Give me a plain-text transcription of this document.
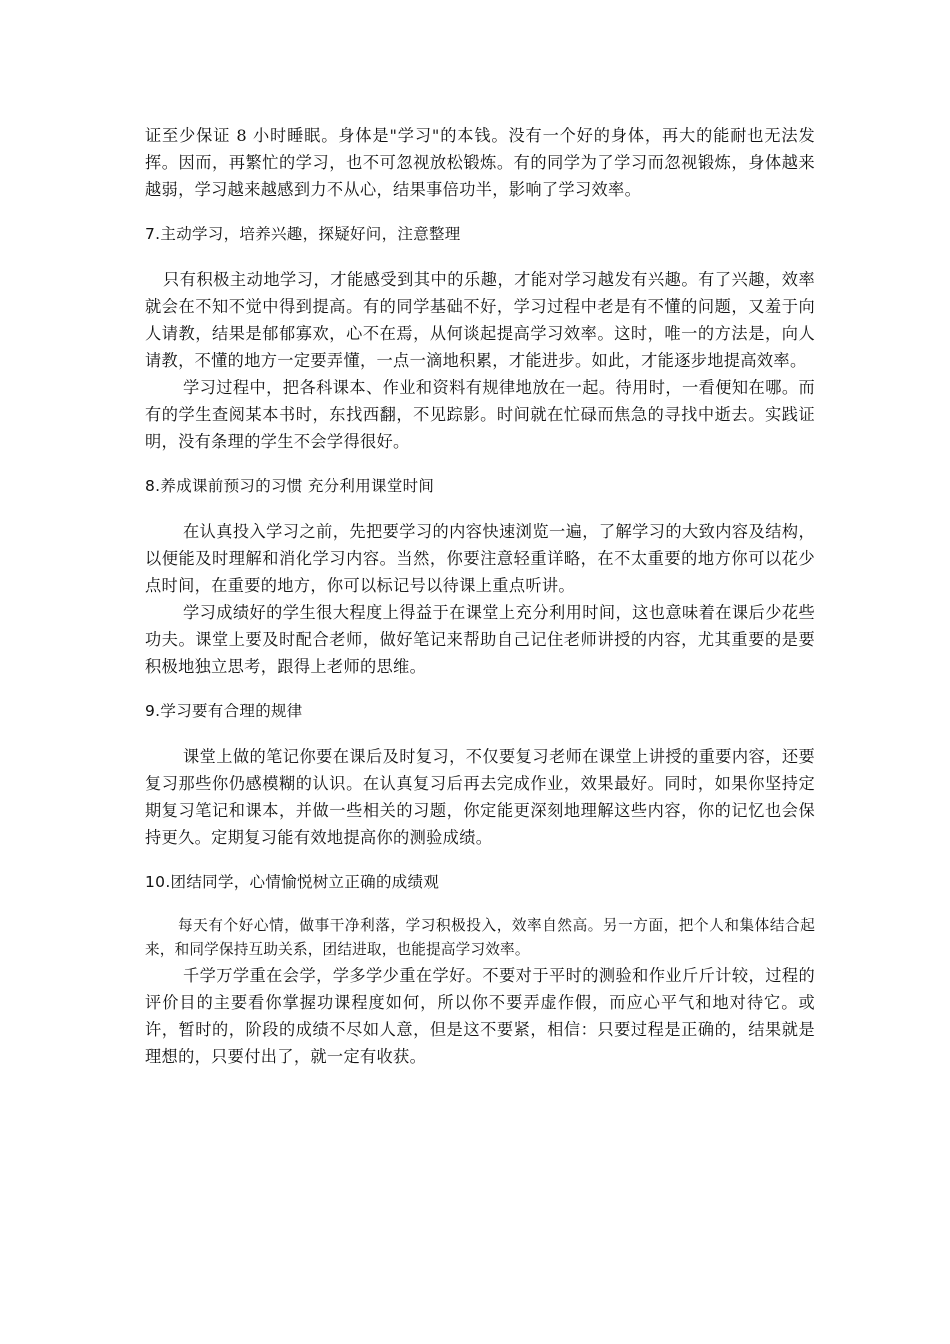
证至少保证 8 小时睡眠。身体是"学习"的本钱。没有一个好的身体，再大的能耐也无法发挥。因而，再繁忙的学习，也不可忽视放松锻炼。有的同学为了学习而忽视锻炼，身体越来越弱，学习越来越感到力不从心，结果事倍功半，影响了学习效率。

7.主动学习，培养兴趣，探疑好问，注意整理

只有积极主动地学习，才能感受到其中的乐趣，才能对学习越发有兴趣。有了兴趣，效率就会在不知不觉中得到提高。有的同学基础不好，学习过程中老是有不懂的问题，又羞于向人请教，结果是郁郁寡欢，心不在焉，从何谈起提高学习效率。这时，唯一的方法是，向人请教，不懂的地方一定要弄懂，一点一滴地积累，才能进步。如此，才能逐步地提高效率。

学习过程中，把各科课本、作业和资料有规律地放在一起。待用时，一看便知在哪。而有的学生查阅某本书时，东找西翻，不见踪影。时间就在忙碌而焦急的寻找中逝去。实践证明，没有条理的学生不会学得很好。

8.养成课前预习的习惯 充分利用课堂时间

在认真投入学习之前，先把要学习的内容快速浏览一遍，了解学习的大致内容及结构，以便能及时理解和消化学习内容。当然，你要注意轻重详略，在不太重要的地方你可以花少点时间，在重要的地方，你可以标记号以待课上重点听讲。

学习成绩好的学生很大程度上得益于在课堂上充分利用时间，这也意味着在课后少花些功夫。课堂上要及时配合老师，做好笔记来帮助自己记住老师讲授的内容，尤其重要的是要积极地独立思考，跟得上老师的思维。

9.学习要有合理的规律

课堂上做的笔记你要在课后及时复习，不仅要复习老师在课堂上讲授的重要内容，还要复习那些你仍感模糊的认识。在认真复习后再去完成作业，效果最好。同时，如果你坚持定期复习笔记和课本，并做一些相关的习题，你定能更深刻地理解这些内容，你的记忆也会保持更久。定期复习能有效地提高你的测验成绩。

10.团结同学，心情愉悦树立正确的成绩观

每天有个好心情，做事干净利落，学习积极投入，效率自然高。另一方面，把个人和集体结合起来，和同学保持互助关系，团结进取，也能提高学习效率。

千学万学重在会学，学多学少重在学好。不要对于平时的测验和作业斤斤计较，过程的评价目的主要看你掌握功课程度如何，所以你不要弄虚作假，而应心平气和地对待它。或许，暂时的，阶段的成绩不尽如人意，但是这不要紧，相信：只要过程是正确的，结果就是理想的，只要付出了，就一定有收获。
